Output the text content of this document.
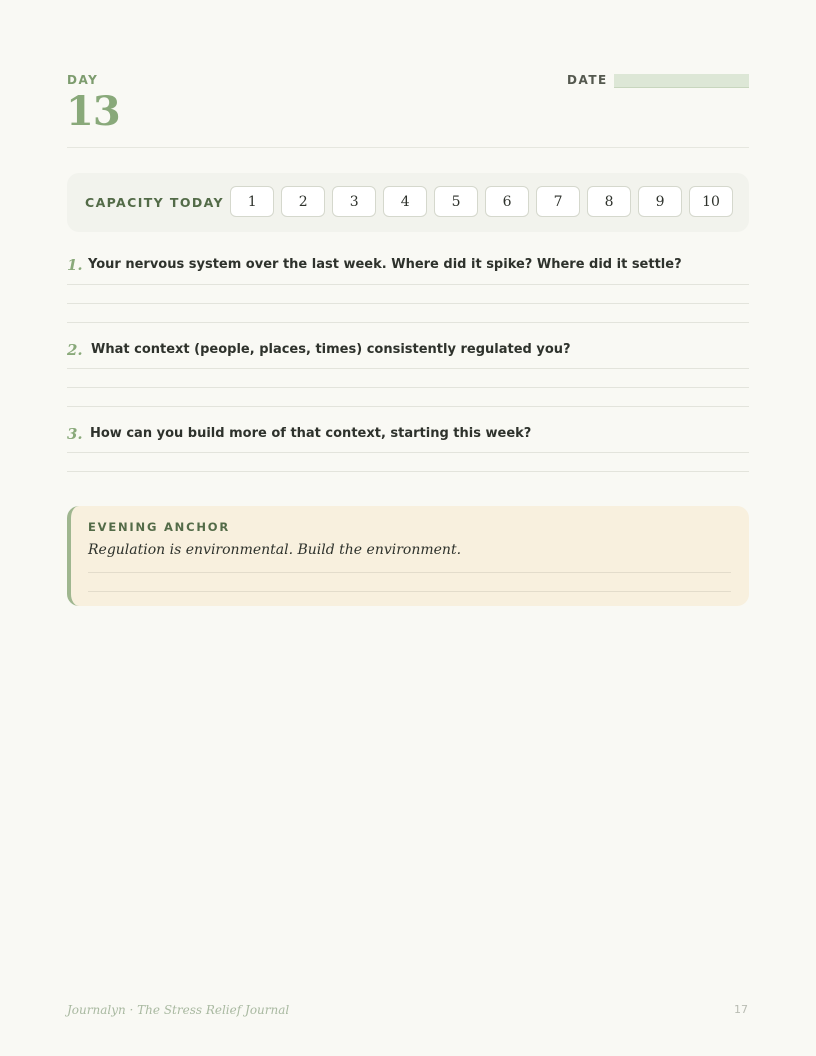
DAY
13
DATE
CAPACITY TODAY	1	2	3	4	5	6	7	8	9	10
1. Your nervous system over the last week. Where did it spike? Where did it settle?
2. What context (people, places, times) consistently regulated you?
3. How can you build more of that context, starting this week?
EVENING ANCHOR
Regulation is environmental. Build the environment.
Journalyn · The Stress Relief Journal	17
